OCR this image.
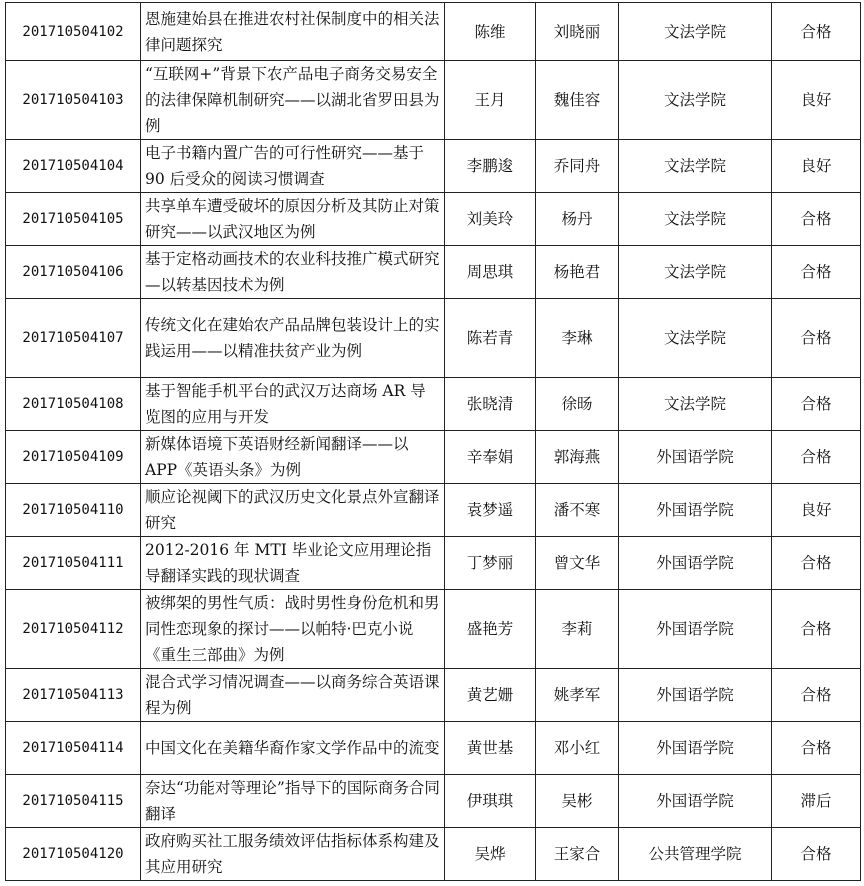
201710504102	恩施建始县在推进农村社保制度中的相关法律问题探究	陈维	刘晓丽	文法学院	合格
201710504103	“互联网+”背景下农产品电子商务交易安全的法律保障机制研究——以湖北省罗田县为例	王月	魏佳容	文法学院	良好
201710504104	电子书籍内置广告的可行性研究——基于 90 后受众的阅读习惯调查	李鹏逡	乔同舟	文法学院	良好
201710504105	共享单车遭受破坏的原因分析及其防止对策研究——以武汉地区为例	刘美玲	杨丹	文法学院	合格
201710504106	基于定格动画技术的农业科技推广模式研究—以转基因技术为例	周思琪	杨艳君	文法学院	合格
201710504107	传统文化在建始农产品品牌包装设计上的实践运用——以精准扶贫产业为例	陈若青	李琳	文法学院	合格
201710504108	基于智能手机平台的武汉万达商场 AR 导览图的应用与开发	张晓清	徐旸	文法学院	合格
201710504109	新媒体语境下英语财经新闻翻译——以 APP《英语头条》为例	辛奉娟	郭海燕	外国语学院	合格
201710504110	顺应论视阈下的武汉历史文化景点外宣翻译研究	袁梦遥	潘不寒	外国语学院	良好
201710504111	2012-2016 年 MTI 毕业论文应用理论指导翻译实践的现状调查	丁梦丽	曾文华	外国语学院	合格
201710504112	被绑架的男性气质：战时男性身份危机和男同性恋现象的探讨——以帕特·巴克小说《重生三部曲》为例	盛艳芳	李莉	外国语学院	合格
201710504113	混合式学习情况调查——以商务综合英语课程为例	黄艺姗	姚孝军	外国语学院	合格
201710504114	中国文化在美籍华裔作家文学作品中的流变	黄世基	邓小红	外国语学院	合格
201710504115	奈达“功能对等理论”指导下的国际商务合同翻译	伊琪琪	吴彬	外国语学院	滞后
201710504120	政府购买社工服务绩效评估指标体系构建及其应用研究	吴烨	王家合	公共管理学院	合格
